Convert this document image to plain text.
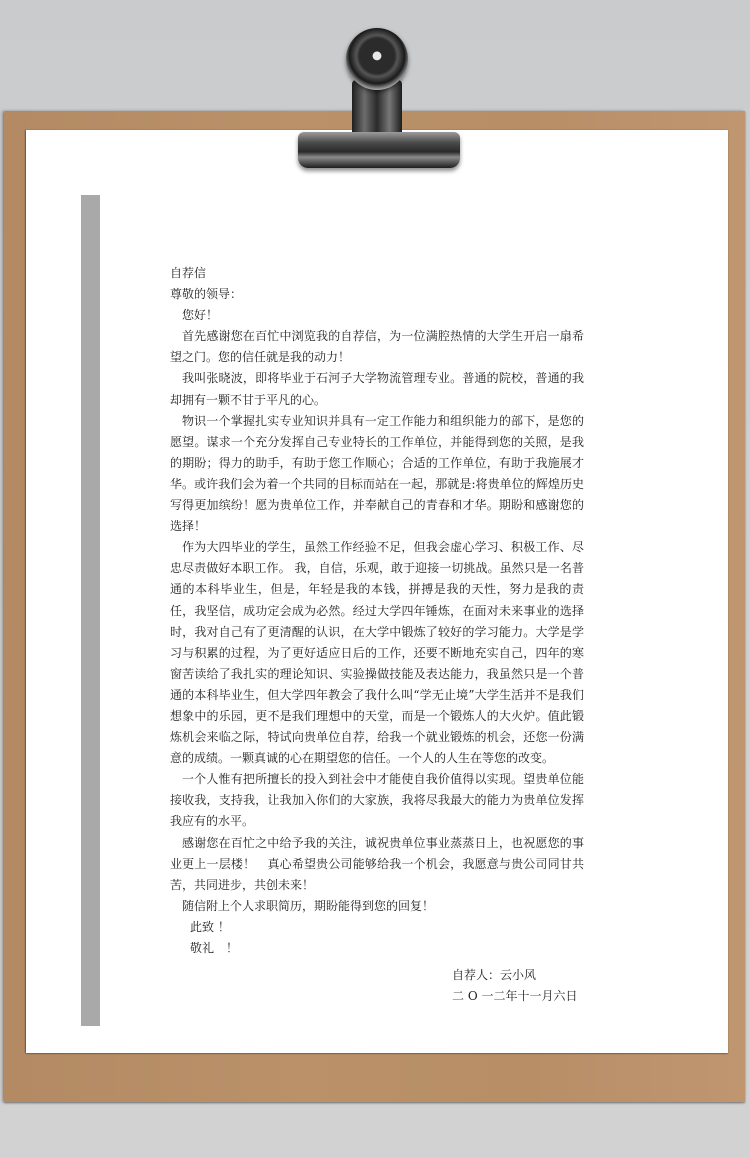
自荐信

尊敬的领导：

您好！

首先感谢您在百忙中浏览我的自荐信，为一位满腔热情的大学生开启一扇希望之门。您的信任就是我的动力！

我叫张晓波，即将毕业于石河子大学物流管理专业。普通的院校，普通的我却拥有一颗不甘于平凡的心。

物识一个掌握扎实专业知识并具有一定工作能力和组织能力的部下，是您的愿望。谋求一个充分发挥自己专业特长的工作单位，并能得到您的关照，是我的期盼；得力的助手，有助于您工作顺心；合适的工作单位，有助于我施展才华。或许我们会为着一个共同的目标而站在一起，那就是:将贵单位的辉煌历史写得更加缤纷！愿为贵单位工作，并奉献自己的青春和才华。期盼和感谢您的选择！

作为大四毕业的学生，虽然工作经验不足，但我会虚心学习、积极工作、尽忠尽责做好本职工作。 我，自信，乐观，敢于迎接一切挑战。虽然只是一名普通的本科毕业生，但是，年轻是我的本钱，拼搏是我的天性，努力是我的责任，我坚信，成功定会成为必然。经过大学四年锤炼，在面对未来事业的选择时，我对自己有了更清醒的认识，在大学中锻炼了较好的学习能力。大学是学习与积累的过程，为了更好适应日后的工作，还要不断地充实自己，四年的寒窗苦读给了我扎实的理论知识、实验操做技能及表达能力，我虽然只是一个普通的本科毕业生，但大学四年教会了我什么叫“学无止境”大学生活并不是我们想象中的乐园，更不是我们理想中的天堂，而是一个锻炼人的大火炉。值此锻炼机会来临之际，特试向贵单位自荐，给我一个就业锻炼的机会，还您一份满意的成绩。一颗真诚的心在期望您的信任。一个人的人生在等您的改变。

一个人惟有把所擅长的投入到社会中才能使自我价值得以实现。望贵单位能接收我，支持我，让我加入你们的大家族，我将尽我最大的能力为贵单位发挥我应有的水平。

感谢您在百忙之中给予我的关注，诚祝贵单位事业蒸蒸日上，也祝愿您的事业更上一层楼！　真心希望贵公司能够给我一个机会，我愿意与贵公司同甘共苦，共同进步，共创未来！

随信附上个人求职简历，期盼能得到您的回复！

此致 ！

敬礼　！

自荐人：云小风

二 O 一二年十一月六日
